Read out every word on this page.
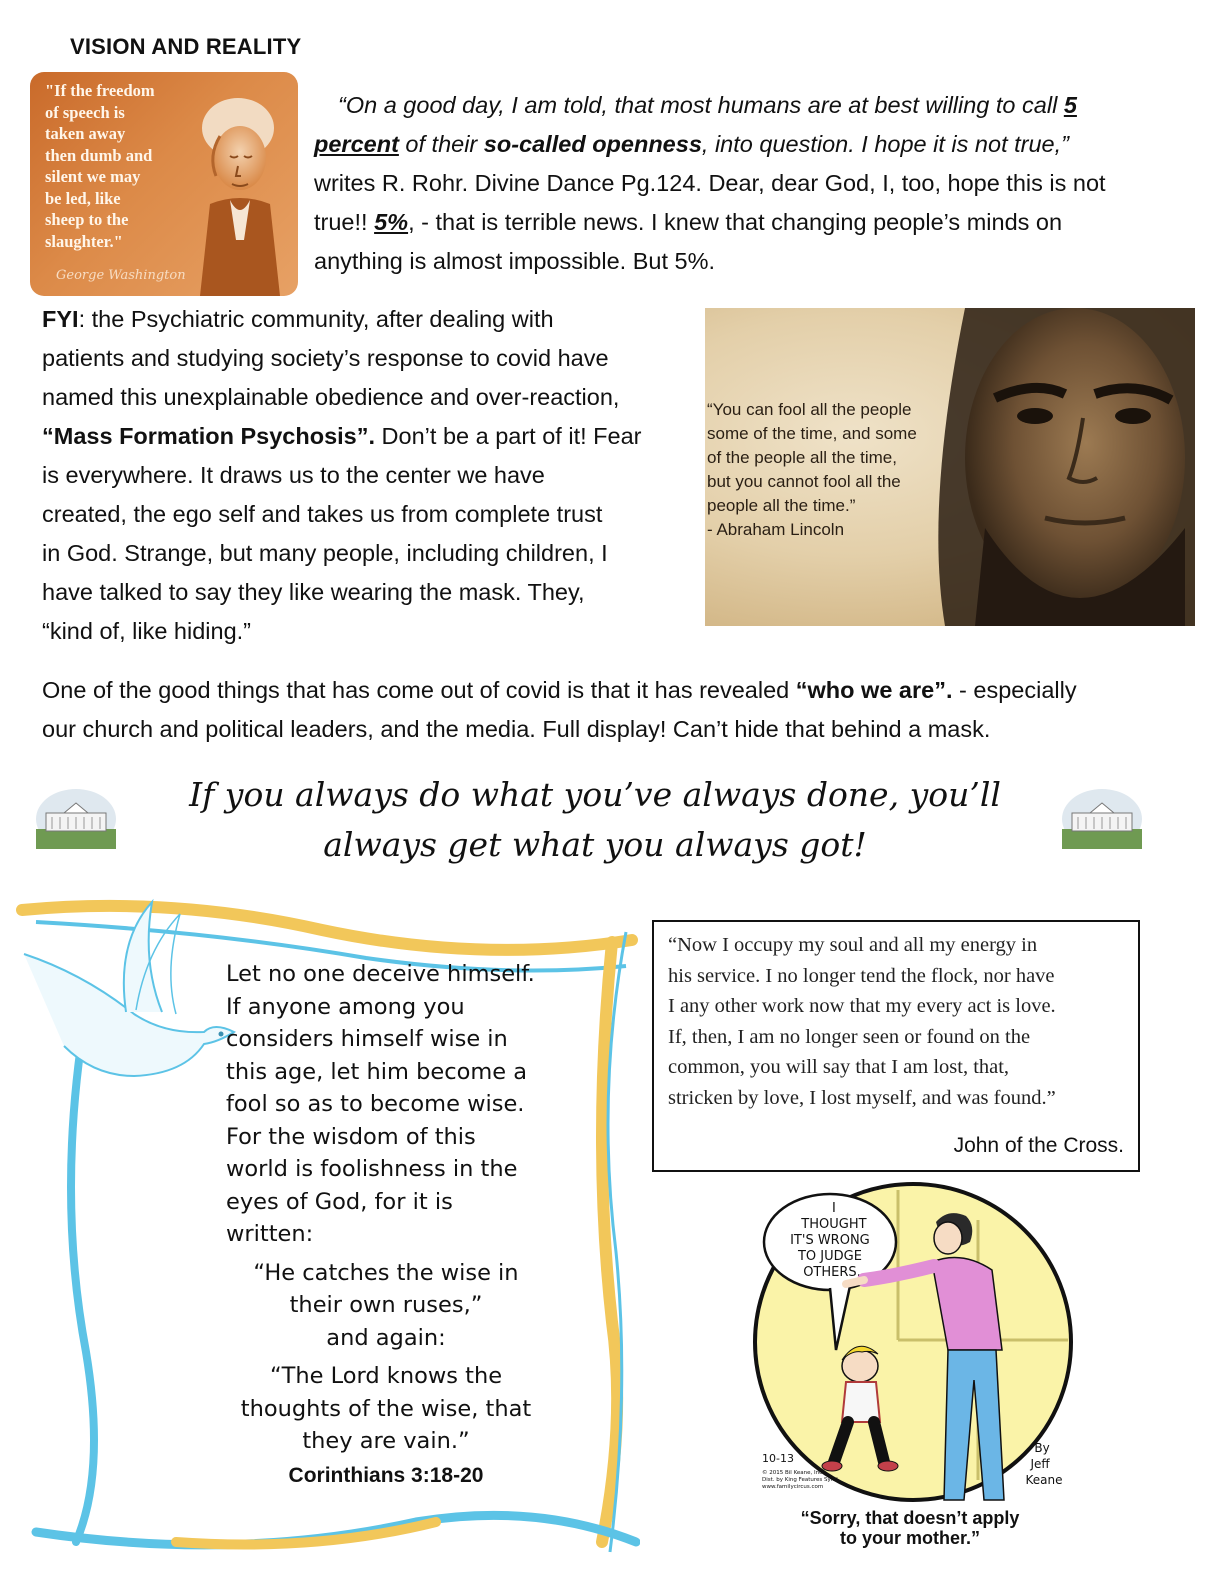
VISION AND REALITY
"If the freedom
of speech is
taken away
then dumb and
silent we may
be led, like
sheep to the
slaughter."
George Washington
“On a good day, I am told, that most humans are at best willing to call 5
percent of their so-called openness, into question. I hope it is not true,”
writes R. Rohr. Divine Dance Pg.124. Dear, dear God, I, too, hope this is not
true!! 5%, - that is terrible news. I knew that changing people’s minds on
anything is almost impossible. But 5%.
FYI: the Psychiatric community, after dealing with
patients and studying society’s response to covid have
named this unexplainable obedience and over-reaction,
“Mass Formation Psychosis”. Don’t be a part of it! Fear
is everywhere. It draws us to the center we have
created, the ego self and takes us from complete trust
in God. Strange, but many people, including children, I
have talked to say they like wearing the mask. They,
“kind of, like hiding.”
“You can fool all the people
some of the time, and some
of the people all the time,
but you cannot fool all the
people all the time.”
- Abraham Lincoln
One of the good things that has come out of covid is that it has revealed “who we are”. - especially
our church and political leaders, and the media. Full display! Can’t hide that behind a mask.
If you always do what you’ve always done, you’ll
always get what you always got!
Let no one deceive himself.
If anyone among you
considers himself wise in
this age, let him become a
fool so as to become wise.
For the wisdom of this
world is foolishness in the
eyes of God, for it is
written:
“He catches the wise in
their own ruses,”
and again:
“The Lord knows the
thoughts of the wise, that
they are vain.”
Corinthians 3:18-20
“Now I occupy my soul and all my energy in
his service. I no longer tend the flock, nor have
I any other work now that my every act is love.
If, then, I am no longer seen or found on the
common, you will say that I am lost, that,
stricken by love, I lost myself, and was found.”
John of the Cross.
I THOUGHT IT'S WRONG TO JUDGE OTHERS.
10-13
© 2015 Bil Keane, Inc. Dist. by King Features Synd. www.familycircus.com
By Jeff Keane
“Sorry, that doesn’t apply
to your mother.”
